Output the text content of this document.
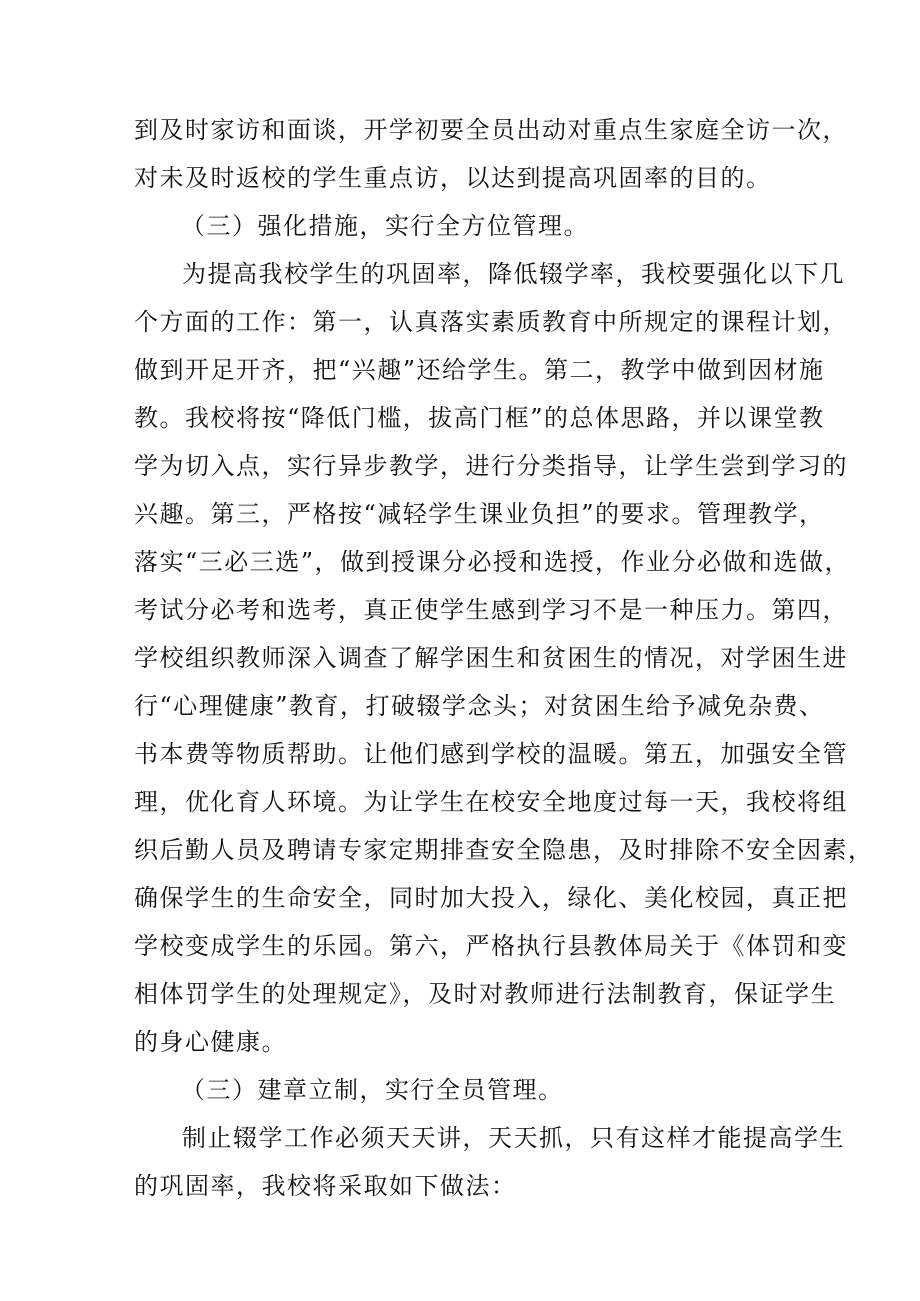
到及时家访和面谈，开学初要全员出动对重点生家庭全访一次，
对未及时返校的学生重点访，以达到提高巩固率的目的。
（三）强化措施，实行全方位管理。
为提高我校学生的巩固率，降低辍学率，我校要强化以下几
个方面的工作：第一，认真落实素质教育中所规定的课程计划，
做到开足开齐，把“兴趣”还给学生。第二，教学中做到因材施
教。我校将按“降低门槛，拔高门框”的总体思路，并以课堂教
学为切入点，实行异步教学，进行分类指导，让学生尝到学习的
兴趣。第三，严格按“减轻学生课业负担”的要求。管理教学，
落实“三必三选”，做到授课分必授和选授，作业分必做和选做，
考试分必考和选考，真正使学生感到学习不是一种压力。第四，
学校组织教师深入调查了解学困生和贫困生的情况，对学困生进
行“心理健康”教育，打破辍学念头；对贫困生给予减免杂费、
书本费等物质帮助。让他们感到学校的温暖。第五，加强安全管
理，优化育人环境。为让学生在校安全地度过每一天，我校将组
织后勤人员及聘请专家定期排查安全隐患，及时排除不安全因素，
确保学生的生命安全，同时加大投入，绿化、美化校园，真正把
学校变成学生的乐园。第六，严格执行县教体局关于《体罚和变
相体罚学生的处理规定》，及时对教师进行法制教育，保证学生
的身心健康。
（三）建章立制，实行全员管理。
制止辍学工作必须天天讲，天天抓，只有这样才能提高学生
的巩固率，我校将采取如下做法：
